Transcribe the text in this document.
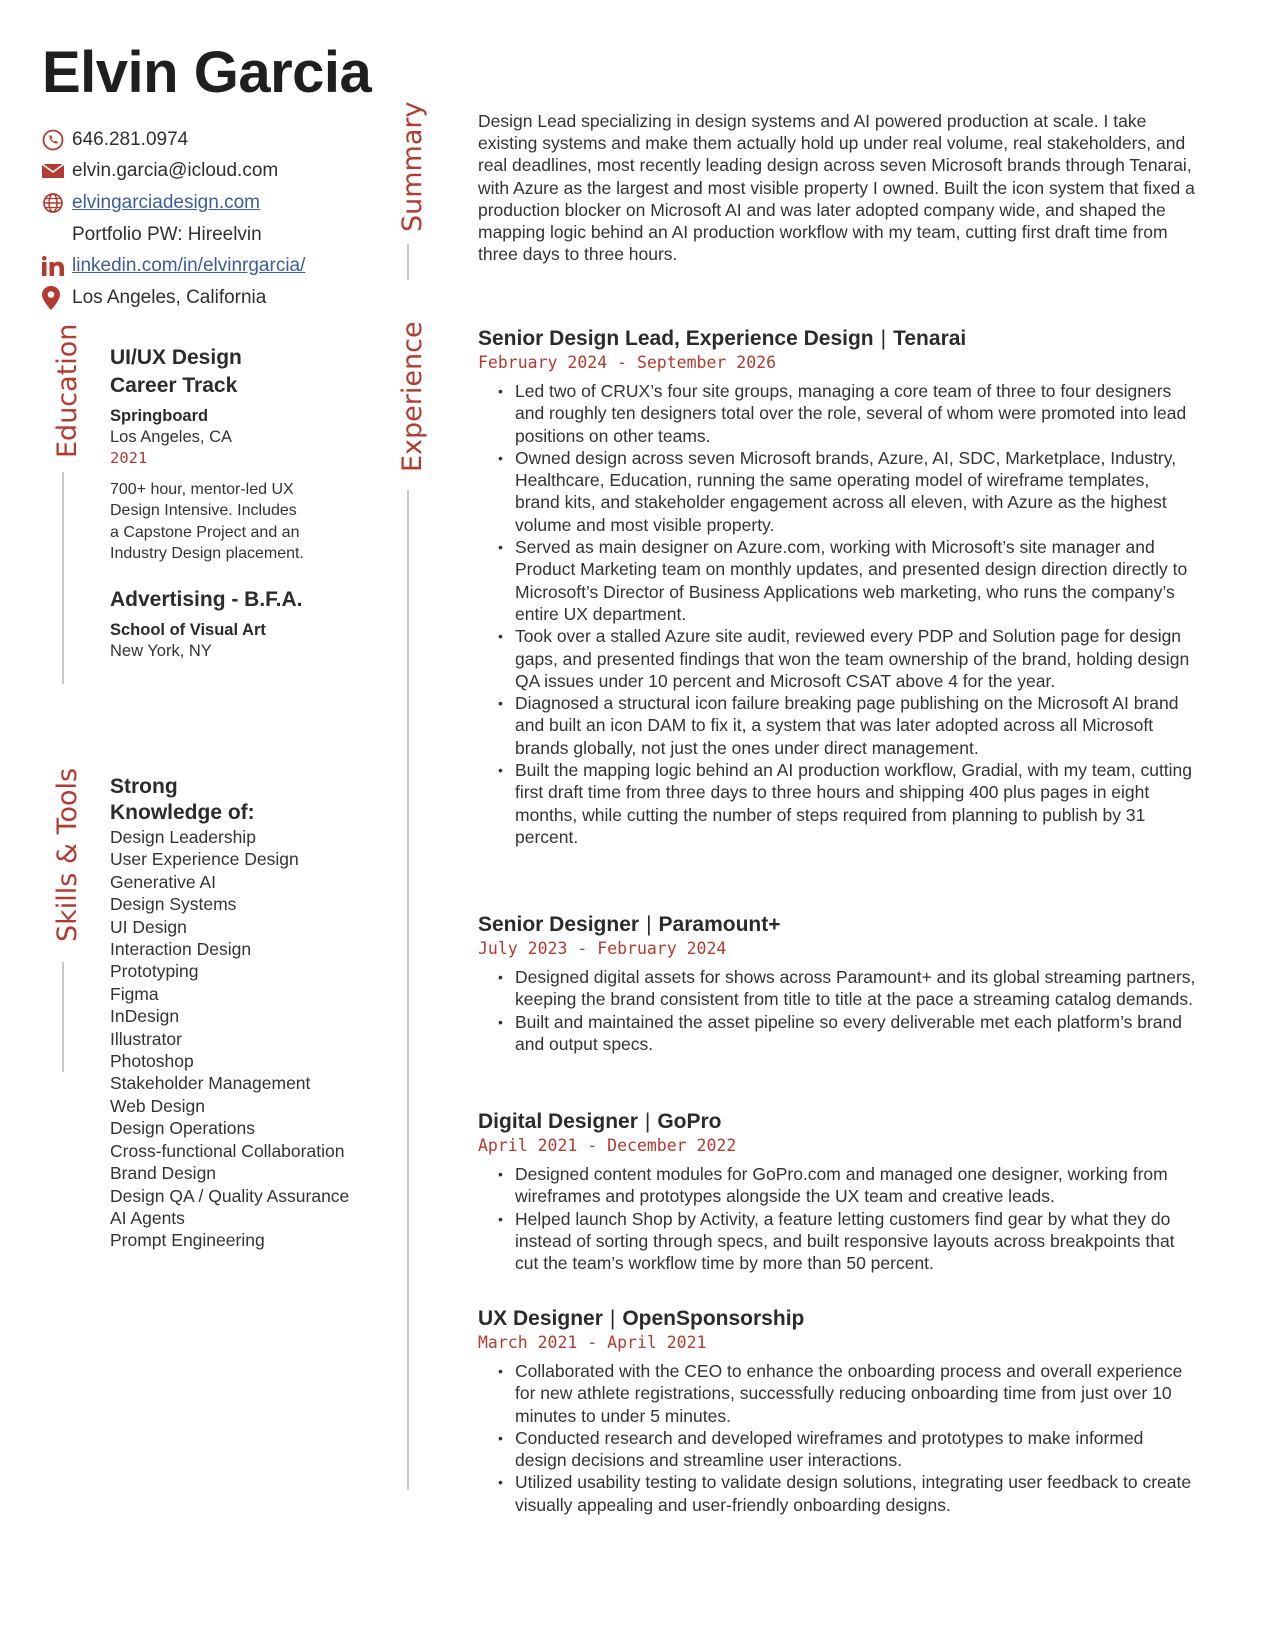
Elvin Garcia
646.281.0974
elvin.garcia@icloud.com
elvingarciadesign.com
Portfolio PW: Hireelvin
linkedin.com/in/elvinrgarcia/
Los Angeles, California
Education
Skills & Tools
Summary
Experience
UI/UX Design Career Track
Springboard
Los Angeles, CA
2021
700+ hour, mentor-led UX Design Intensive. Includes a Capstone Project and an Industry Design placement.
Advertising - B.F.A.
School of Visual Art
New York, NY
Strong Knowledge of:
Design Leadership
User Experience Design
Generative AI
Design Systems
UI Design
Interaction Design
Prototyping
Figma
InDesign
Illustrator
Photoshop
Stakeholder Management
Web Design
Design Operations
Cross-functional Collaboration
Brand Design
Design QA / Quality Assurance
AI Agents
Prompt Engineering
Design Lead specializing in design systems and AI powered production at scale. I take existing systems and make them actually hold up under real volume, real stakeholders, and real deadlines, most recently leading design across seven Microsoft brands through Tenarai, with Azure as the largest and most visible property I owned. Built the icon system that fixed a production blocker on Microsoft AI and was later adopted company wide, and shaped the mapping logic behind an AI production workflow with my team, cutting first draft time from three days to three hours.
Senior Design Lead, Experience Design | Tenarai
February 2024 - September 2026
• Led two of CRUX’s four site groups, managing a core team of three to four designers and roughly ten designers total over the role, several of whom were promoted into lead positions on other teams.
• Owned design across seven Microsoft brands, Azure, AI, SDC, Marketplace, Industry, Healthcare, Education, running the same operating model of wireframe templates, brand kits, and stakeholder engagement across all eleven, with Azure as the highest volume and most visible property.
• Served as main designer on Azure.com, working with Microsoft’s site manager and Product Marketing team on monthly updates, and presented design direction directly to Microsoft’s Director of Business Applications web marketing, who runs the company’s entire UX department.
• Took over a stalled Azure site audit, reviewed every PDP and Solution page for design gaps, and presented findings that won the team ownership of the brand, holding design QA issues under 10 percent and Microsoft CSAT above 4 for the year.
• Diagnosed a structural icon failure breaking page publishing on the Microsoft AI brand and built an icon DAM to fix it, a system that was later adopted across all Microsoft brands globally, not just the ones under direct management.
• Built the mapping logic behind an AI production workflow, Gradial, with my team, cutting first draft time from three days to three hours and shipping 400 plus pages in eight months, while cutting the number of steps required from planning to publish by 31 percent.
Senior Designer | Paramount+
July 2023 - February 2024
• Designed digital assets for shows across Paramount+ and its global streaming partners, keeping the brand consistent from title to title at the pace a streaming catalog demands.
• Built and maintained the asset pipeline so every deliverable met each platform’s brand and output specs.
Digital Designer | GoPro
April 2021 - December 2022
• Designed content modules for GoPro.com and managed one designer, working from wireframes and prototypes alongside the UX team and creative leads.
• Helped launch Shop by Activity, a feature letting customers find gear by what they do instead of sorting through specs, and built responsive layouts across breakpoints that cut the team’s workflow time by more than 50 percent.
UX Designer | OpenSponsorship
March 2021 - April 2021
• Collaborated with the CEO to enhance the onboarding process and overall experience for new athlete registrations, successfully reducing onboarding time from just over 10 minutes to under 5 minutes.
• Conducted research and developed wireframes and prototypes to make informed design decisions and streamline user interactions.
• Utilized usability testing to validate design solutions, integrating user feedback to create visually appealing and user-friendly onboarding designs.
